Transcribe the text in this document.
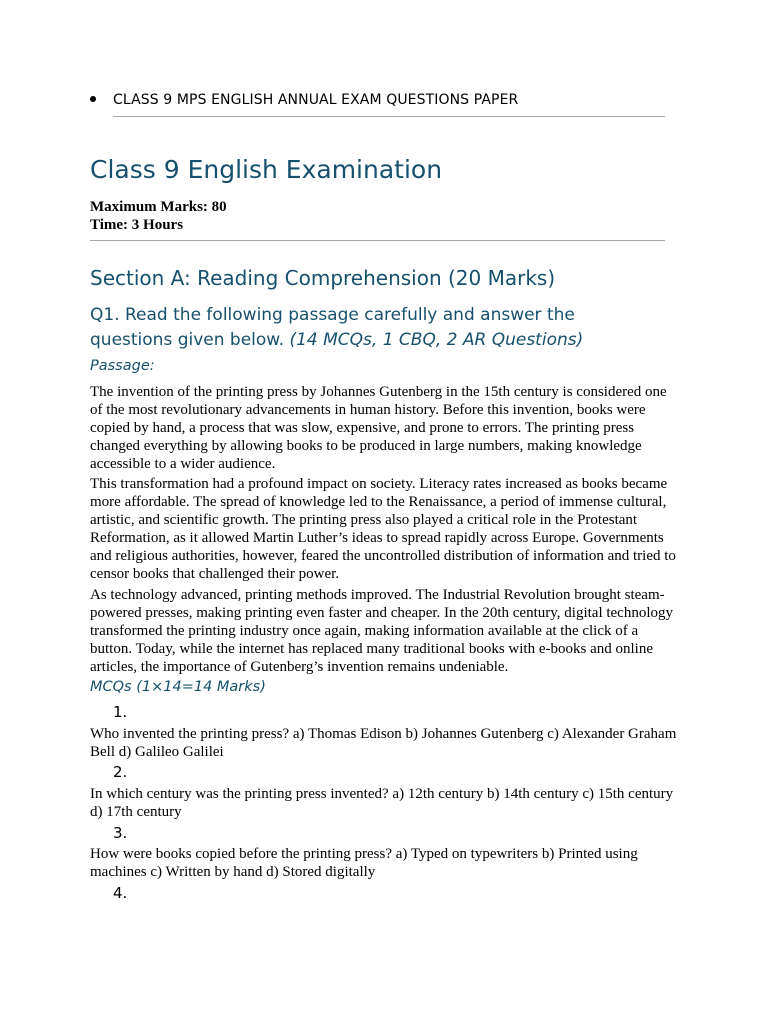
CLASS 9 MPS ENGLISH ANNUAL EXAM QUESTIONS PAPER
Class 9 English Examination
Maximum Marks: 80
Time: 3 Hours
Section A: Reading Comprehension (20 Marks)
Q1. Read the following passage carefully and answer the questions given below. (14 MCQs, 1 CBQ, 2 AR Questions)
Passage:
The invention of the printing press by Johannes Gutenberg in the 15th century is considered one of the most revolutionary advancements in human history. Before this invention, books were copied by hand, a process that was slow, expensive, and prone to errors. The printing press changed everything by allowing books to be produced in large numbers, making knowledge accessible to a wider audience.
This transformation had a profound impact on society. Literacy rates increased as books became more affordable. The spread of knowledge led to the Renaissance, a period of immense cultural, artistic, and scientific growth. The printing press also played a critical role in the Protestant Reformation, as it allowed Martin Luther’s ideas to spread rapidly across Europe. Governments and religious authorities, however, feared the uncontrolled distribution of information and tried to censor books that challenged their power.
As technology advanced, printing methods improved. The Industrial Revolution brought steam-powered presses, making printing even faster and cheaper. In the 20th century, digital technology transformed the printing industry once again, making information available at the click of a button. Today, while the internet has replaced many traditional books with e-books and online articles, the importance of Gutenberg’s invention remains undeniable.
MCQs (1×14=14 Marks)
1.
Who invented the printing press? a) Thomas Edison b) Johannes Gutenberg c) Alexander Graham Bell d) Galileo Galilei
2.
In which century was the printing press invented? a) 12th century b) 14th century c) 15th century d) 17th century
3.
How were books copied before the printing press? a) Typed on typewriters b) Printed using machines c) Written by hand d) Stored digitally
4.
